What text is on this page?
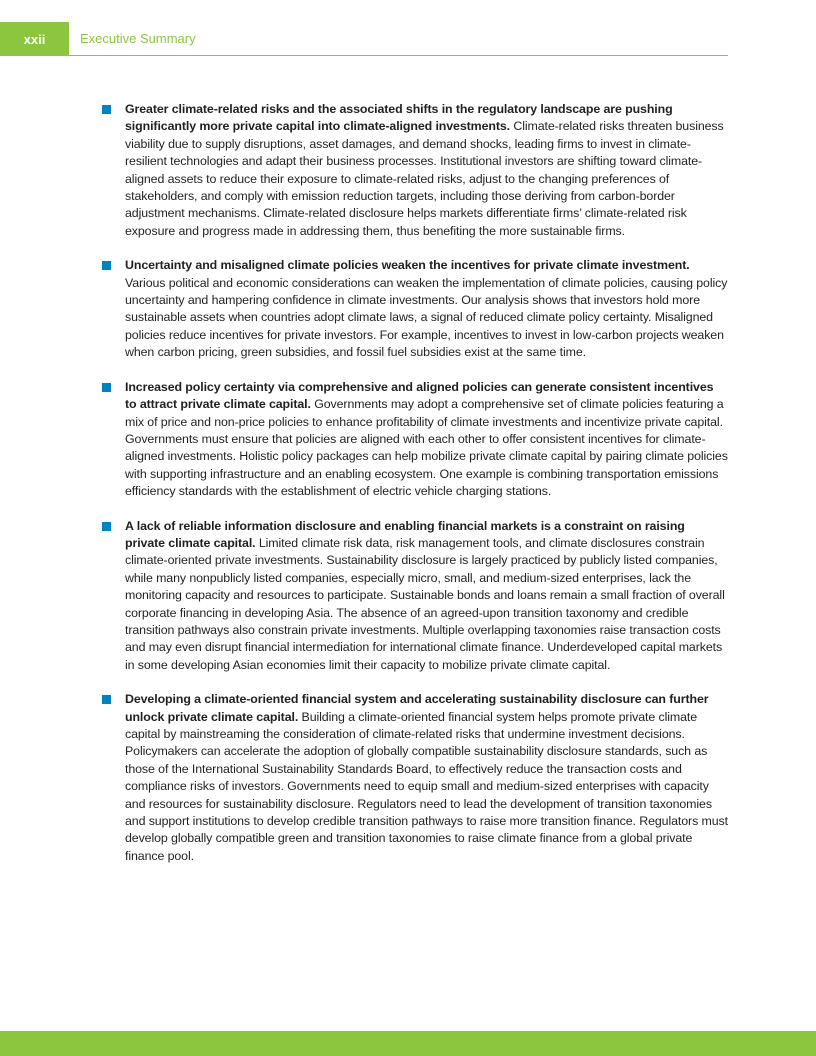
xxii	Executive Summary
Greater climate-related risks and the associated shifts in the regulatory landscape are pushing significantly more private capital into climate-aligned investments. Climate-related risks threaten business viability due to supply disruptions, asset damages, and demand shocks, leading firms to invest in climate-resilient technologies and adapt their business processes. Institutional investors are shifting toward climate-aligned assets to reduce their exposure to climate-related risks, adjust to the changing preferences of stakeholders, and comply with emission reduction targets, including those deriving from carbon-border adjustment mechanisms. Climate-related disclosure helps markets differentiate firms’ climate-related risk exposure and progress made in addressing them, thus benefiting the more sustainable firms.
Uncertainty and misaligned climate policies weaken the incentives for private climate investment. Various political and economic considerations can weaken the implementation of climate policies, causing policy uncertainty and hampering confidence in climate investments. Our analysis shows that investors hold more sustainable assets when countries adopt climate laws, a signal of reduced climate policy certainty. Misaligned policies reduce incentives for private investors. For example, incentives to invest in low-carbon projects weaken when carbon pricing, green subsidies, and fossil fuel subsidies exist at the same time.
Increased policy certainty via comprehensive and aligned policies can generate consistent incentives to attract private climate capital. Governments may adopt a comprehensive set of climate policies featuring a mix of price and non-price policies to enhance profitability of climate investments and incentivize private capital. Governments must ensure that policies are aligned with each other to offer consistent incentives for climate-aligned investments. Holistic policy packages can help mobilize private climate capital by pairing climate policies with supporting infrastructure and an enabling ecosystem. One example is combining transportation emissions efficiency standards with the establishment of electric vehicle charging stations.
A lack of reliable information disclosure and enabling financial markets is a constraint on raising private climate capital. Limited climate risk data, risk management tools, and climate disclosures constrain climate-oriented private investments. Sustainability disclosure is largely practiced by publicly listed companies, while many nonpublicly listed companies, especially micro, small, and medium-sized enterprises, lack the monitoring capacity and resources to participate. Sustainable bonds and loans remain a small fraction of overall corporate financing in developing Asia. The absence of an agreed-upon transition taxonomy and credible transition pathways also constrain private investments. Multiple overlapping taxonomies raise transaction costs and may even disrupt financial intermediation for international climate finance. Underdeveloped capital markets in some developing Asian economies limit their capacity to mobilize private climate capital.
Developing a climate-oriented financial system and accelerating sustainability disclosure can further unlock private climate capital. Building a climate-oriented financial system helps promote private climate capital by mainstreaming the consideration of climate-related risks that undermine investment decisions. Policymakers can accelerate the adoption of globally compatible sustainability disclosure standards, such as those of the International Sustainability Standards Board, to effectively reduce the transaction costs and compliance risks of investors. Governments need to equip small and medium-sized enterprises with capacity and resources for sustainability disclosure. Regulators need to lead the development of transition taxonomies and support institutions to develop credible transition pathways to raise more transition finance. Regulators must develop globally compatible green and transition taxonomies to raise climate finance from a global private finance pool.
